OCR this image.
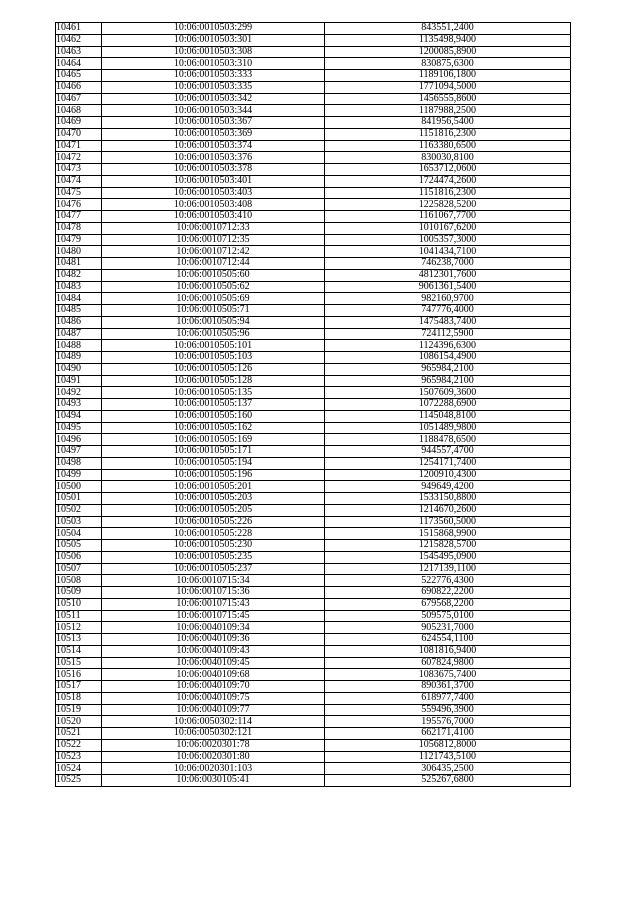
10461	10:06:0010503:299	843551,2400
10462	10:06:0010503:301	1135498,9400
10463	10:06:0010503:308	1200085,8900
10464	10:06:0010503:310	830875,6300
10465	10:06:0010503:333	1189106,1800
10466	10:06:0010503:335	1771094,5000
10467	10:06:0010503:342	1456555,8600
10468	10:06:0010503:344	1187988,2500
10469	10:06:0010503:367	841956,5400
10470	10:06:0010503:369	1151816,2300
10471	10:06:0010503:374	1163380,6500
10472	10:06:0010503:376	830030,8100
10473	10:06:0010503:378	1653712,0600
10474	10:06:0010503:401	1724474,2600
10475	10:06:0010503:403	1151816,2300
10476	10:06:0010503:408	1225828,5200
10477	10:06:0010503:410	1161067,7700
10478	10:06:0010712:33	1010167,6200
10479	10:06:0010712:35	1005357,3000
10480	10:06:0010712:42	1041434,7100
10481	10:06:0010712:44	746238,7000
10482	10:06:0010505:60	4812301,7600
10483	10:06:0010505:62	9061361,5400
10484	10:06:0010505:69	982160,9700
10485	10:06:0010505:71	747776,4000
10486	10:06:0010505:94	1475483,7400
10487	10:06:0010505:96	724112,5900
10488	10:06:0010505:101	1124396,6300
10489	10:06:0010505:103	1086154,4900
10490	10:06:0010505:126	965984,2100
10491	10:06:0010505:128	965984,2100
10492	10:06:0010505:135	1507609,3600
10493	10:06:0010505:137	1072288,6900
10494	10:06:0010505:160	1145048,8100
10495	10:06:0010505:162	1051489,9800
10496	10:06:0010505:169	1188478,6500
10497	10:06:0010505:171	944557,4700
10498	10:06:0010505:194	1254171,7400
10499	10:06:0010505:196	1200910,4300
10500	10:06:0010505:201	949649,4200
10501	10:06:0010505:203	1533150,8800
10502	10:06:0010505:205	1214670,2600
10503	10:06:0010505:226	1173560,5000
10504	10:06:0010505:228	1515868,9900
10505	10:06:0010505:230	1215828,5700
10506	10:06:0010505:235	1545495,0900
10507	10:06:0010505:237	1217139,1100
10508	10:06:0010715:34	522776,4300
10509	10:06:0010715:36	690822,2200
10510	10:06:0010715:43	679568,2200
10511	10:06:0010715:45	509575,0100
10512	10:06:0040109:34	905231,7000
10513	10:06:0040109:36	624554,1100
10514	10:06:0040109:43	1081816,9400
10515	10:06:0040109:45	607824,9800
10516	10:06:0040109:68	1083675,7400
10517	10:06:0040109:70	890361,3700
10518	10:06:0040109:75	618977,7400
10519	10:06:0040109:77	559496,3900
10520	10:06:0050302:114	195576,7000
10521	10:06:0050302:121	662171,4100
10522	10:06:0020301:78	1056812,8000
10523	10:06:0020301:80	1121743,5100
10524	10:06:0020301:103	306435,2500
10525	10:06:0030105:41	525267,6800
